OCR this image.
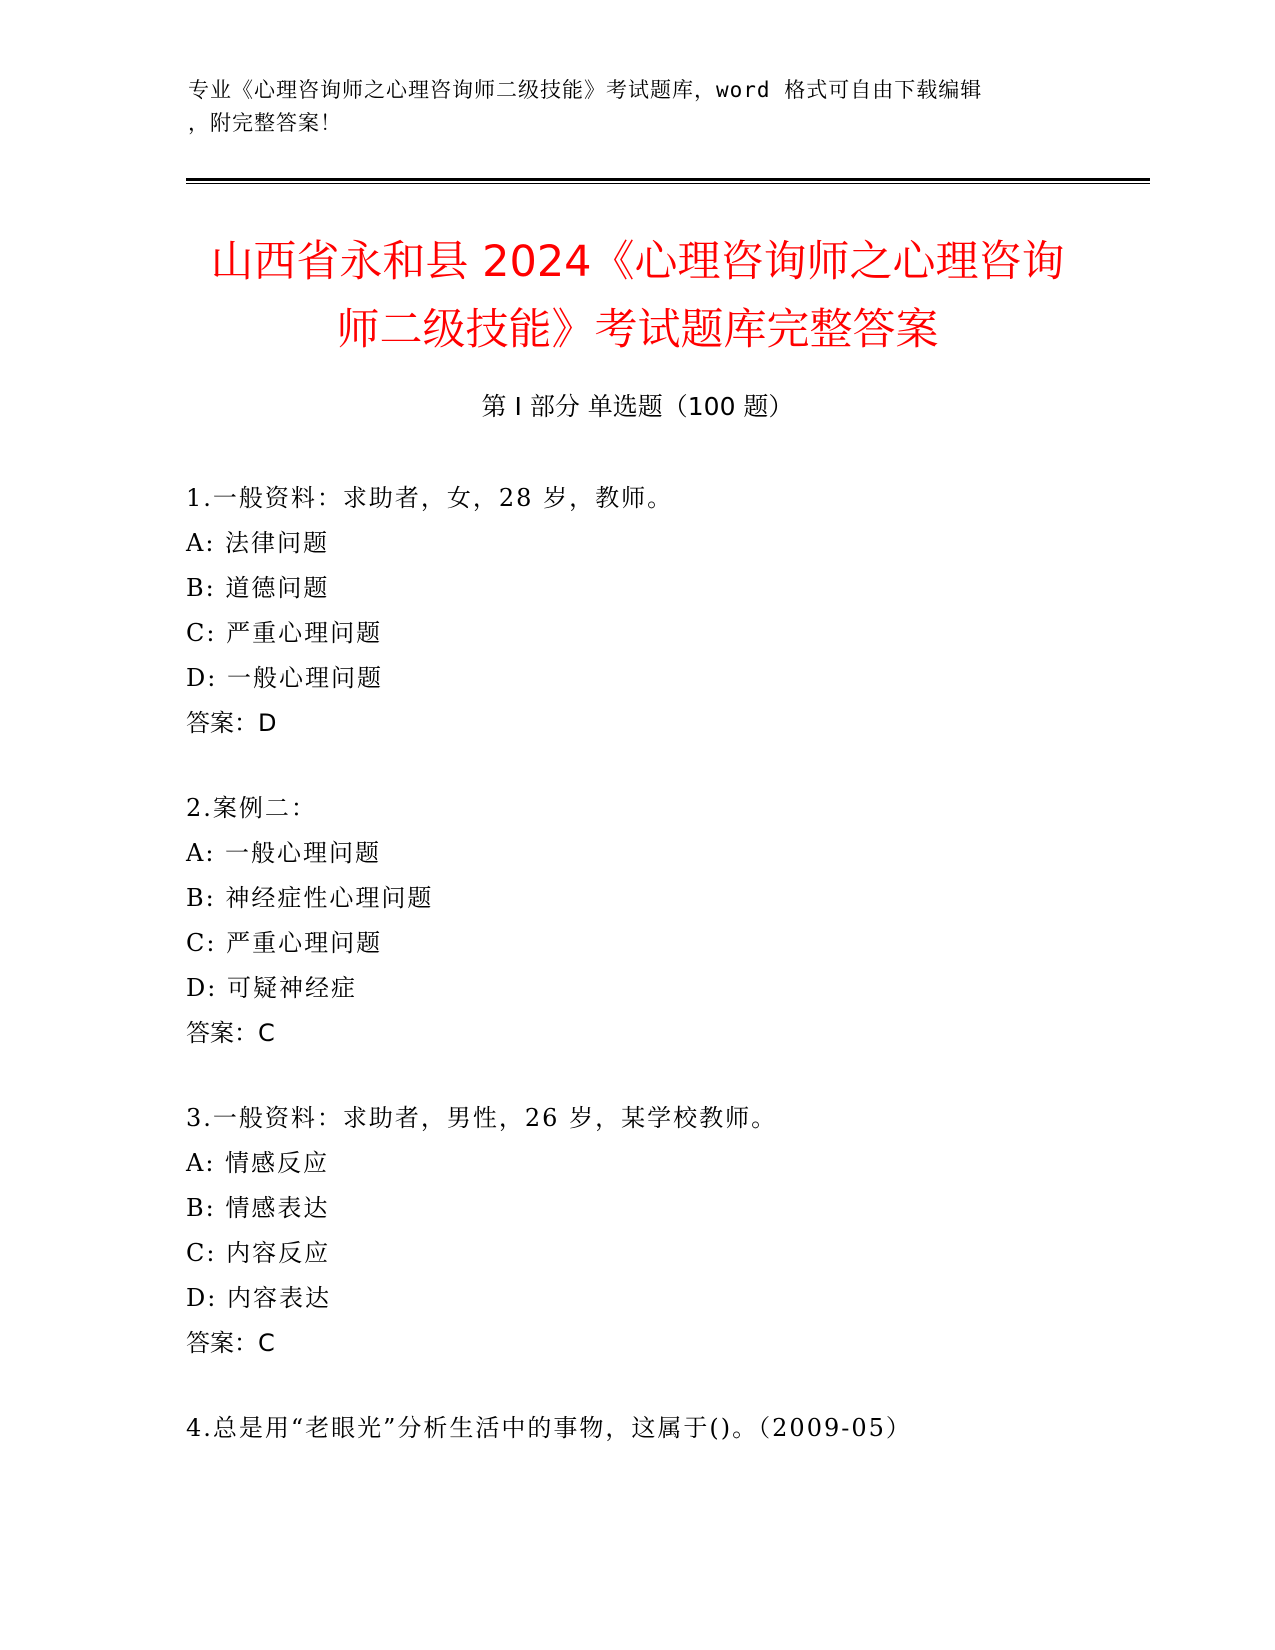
专业《心理咨询师之心理咨询师二级技能》考试题库，word 格式可自由下载编辑
，附完整答案！
山西省永和县 2024《心理咨询师之心理咨询
师二级技能》考试题库完整答案
第 I 部分 单选题（100 题）
1.一般资料：求助者，女，28 岁，教师。
A: 法律问题
B: 道德问题
C: 严重心理问题
D: 一般心理问题
答案：D
2.案例二：
A: 一般心理问题
B: 神经症性心理问题
C: 严重心理问题
D: 可疑神经症
答案：C
3.一般资料：求助者，男性，26 岁，某学校教师。
A: 情感反应
B: 情感表达
C: 内容反应
D: 内容表达
答案：C
4.总是用“老眼光”分析生活中的事物，这属于()。（2009-05）
